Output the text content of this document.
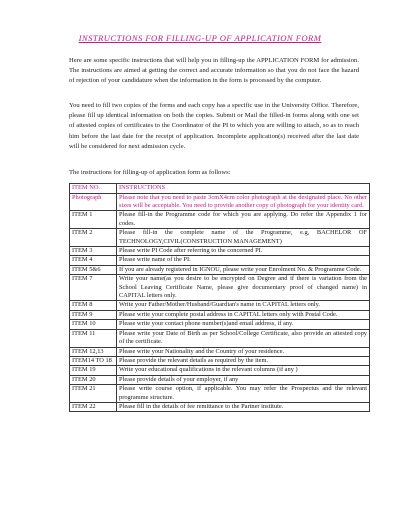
INSTRUCTIONS FOR FILLING-UP OF APPLICATION FORM

Here are some specific instructions that will help you in filling-up the APPLICATION FORM for admission. The instructions are aimed at getting the correct and accurate information so that you do not face the hazard of rejection of your candidature when the information in the form is processed by the computer.

You need to fill two copies of the forms and each copy has a specific use in the University Office. Therefore, please fill up identical information on both the copies. Submit or Mail the filled-in forms along with one set of attested copies of certificates to the Coordinator of the PI to which you are willing to attach, so as to reach him before the last date for the receipt of application. Incomplete application(s) received after the last date will be considered for next admission cycle.

The instructions for filling-up of application form as follows:

ITEM NO.	INSTRUCTIONS
Photograph	Please note that you need to paste 3cmX4cm color photograph at the designated place. No other sizes will be acceptable. You need to provide another copy of photograph for your identity card.
ITEM 1	Please fill-in the Programme code for which you are applying. Do refer the Appendix 1 for codes.
ITEM 2	Please fill-in the complete name of the Programme, e.g, BACHELOR OF TECHNOLOGY,CIVIL(CONSTRUCTION MANAGEMENT)
ITEM 3	Please write PI Code after referring to the concerned PI.
ITEM 4	Please write name of the PI.
ITEM 5&6	If you are already registered in IGNOU, please write your Enrolment No. & Programme Code.
ITEM 7	Write your name(as you desire to be encrypted on Degree and if there is variation from the School Leaving Certificate Name, please give documentary proof of changed name) in CAPITAL letters only.
ITEM 8	Write your Father/Mother/Husband/Guardian's name in CAPITAL letters only.
ITEM 9	Please write your complete postal address in CAPITAL letters only with Postal Code.
ITEM 10	Please write your contact phone number(s)and email address, if any.
ITEM 11	Please write your Date of Birth as per School/College Certificate, also provide an attested copy of the certificate.
ITEM 12,13	Please write your Nationality and the Country of your residence.
ITEM14 TO 18	Please provide the relevant details as required by the item.
ITEM 19	Write your educational qualifications in the relevant columns (if any )
ITEM 20	Please provide details of your employer, if any
ITEM 21	Please write course option, if applicable. You may refer the Prospectus and the relevant programme structure.
ITEM 22	Please fill in the details of fee remittance to the Partner institute.
